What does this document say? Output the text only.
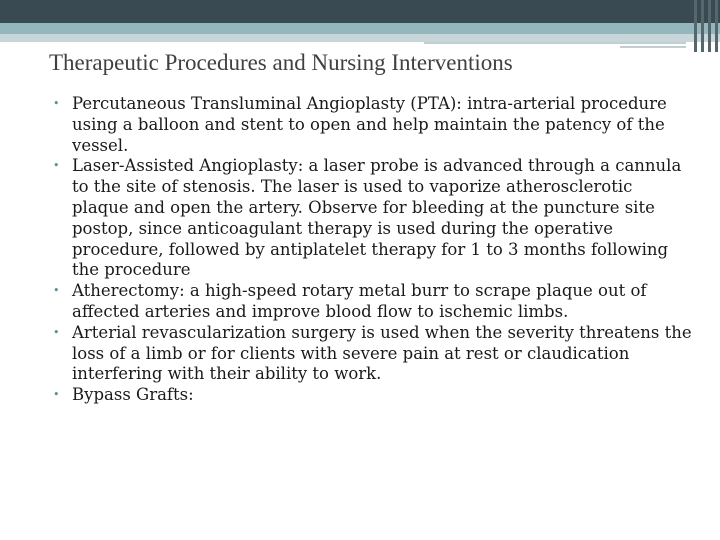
Therapeutic Procedures and Nursing Interventions
• Percutaneous Transluminal Angioplasty (PTA): intra-arterial procedure using a balloon and stent to open and help maintain the patency of the vessel.
• Laser-Assisted Angioplasty: a laser probe is advanced through a cannula to the site of stenosis. The laser is used to vaporize atherosclerotic plaque and open the artery. Observe for bleeding at the puncture site postop, since anticoagulant therapy is used during the operative procedure, followed by antiplatelet therapy for 1 to 3 months following the procedure
• Atherectomy: a high-speed rotary metal burr to scrape plaque out of affected arteries and improve blood flow to ischemic limbs.
• Arterial revascularization surgery is used when the severity threatens the loss of a limb or for clients with severe pain at rest or claudication interfering with their ability to work.
• Bypass Grafts:
